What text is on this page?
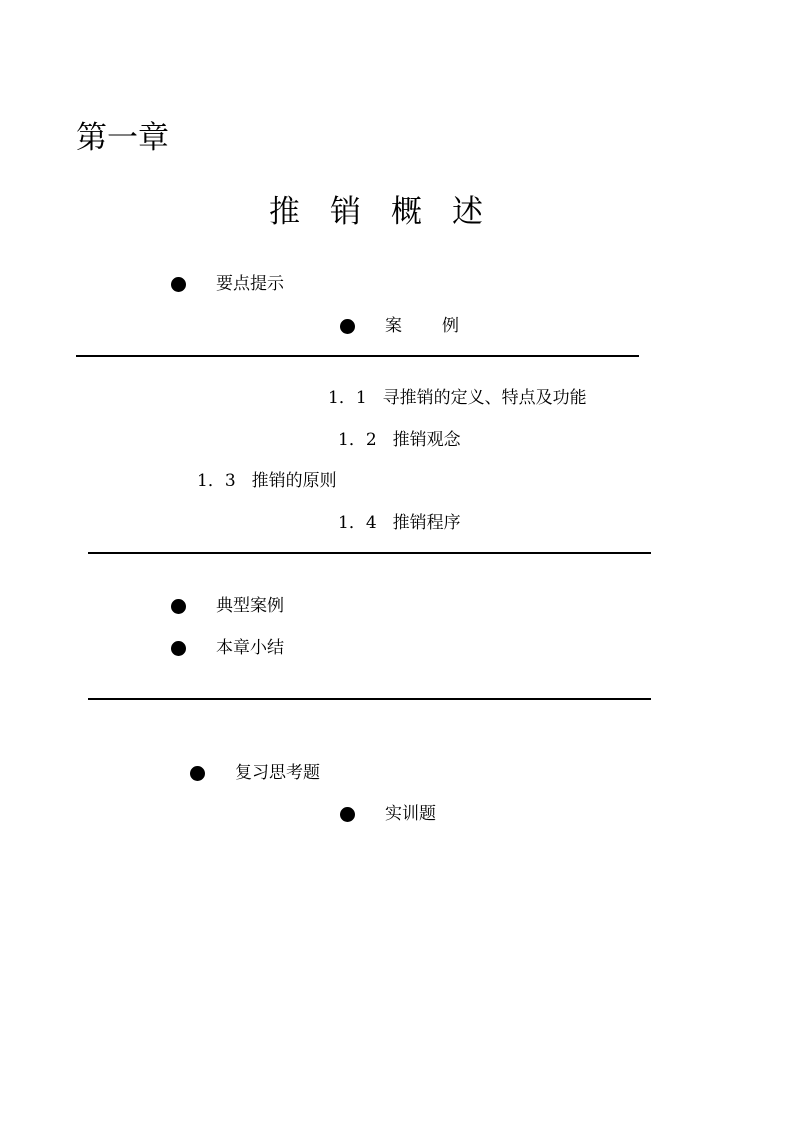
第一章
推销概述
要点提示
案例
1．1 寻推销的定义、特点及功能
1．2 推销观念
1．3 推销的原则
1．4 推销程序
典型案例
本章小结
复习思考题
实训题
